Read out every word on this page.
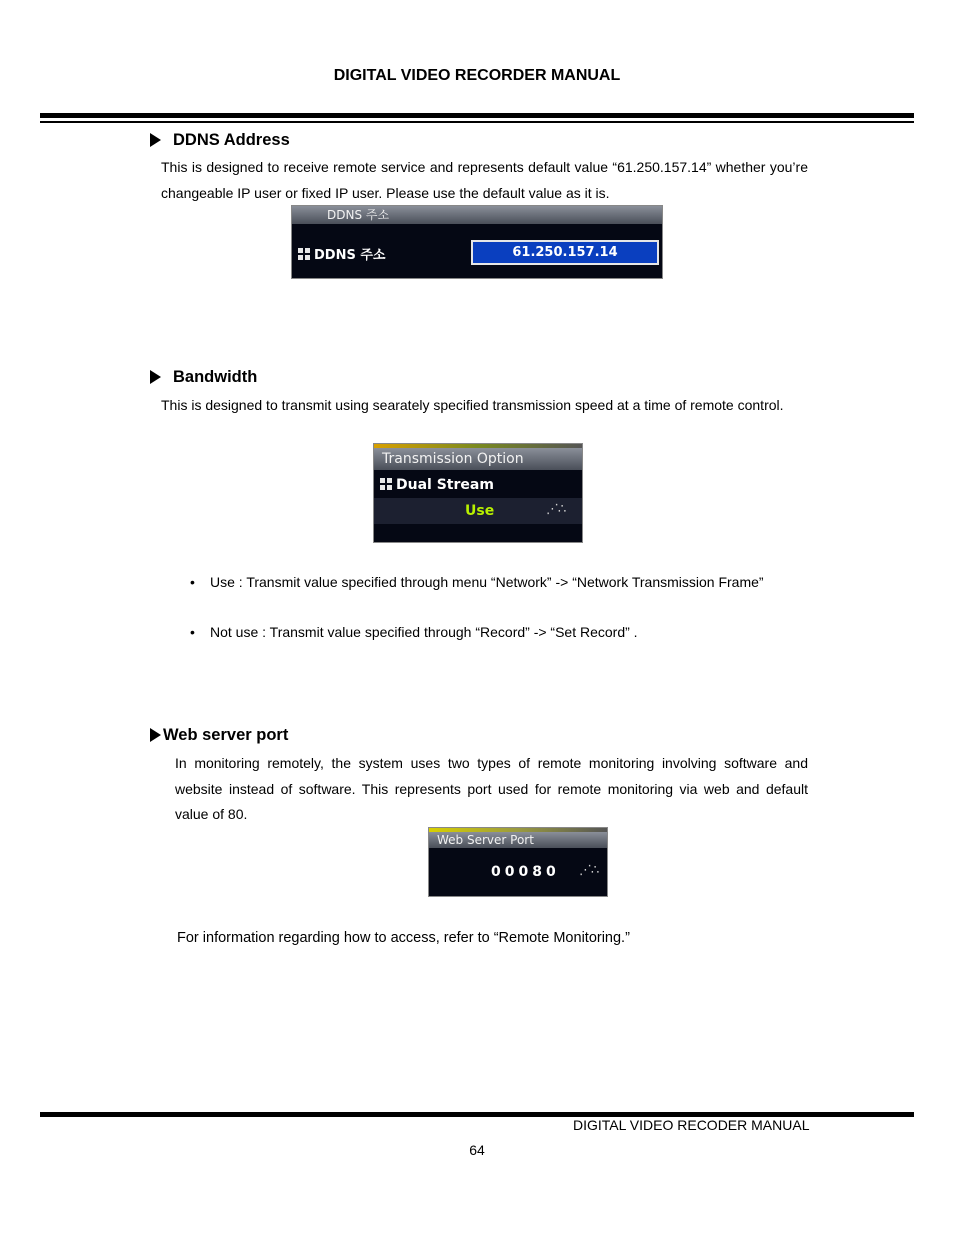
DIGITAL VIDEO RECORDER MANUAL
DDNS Address
This is designed to receive remote service and represents default value “61.250.157.14” whether you’re changeable IP user or fixed IP user. Please use the default value as it is.
DDNS 주소
DDNS 주소	61.250.157.14
Bandwidth
This is designed to transmit using searately specified transmission speed at a time of remote control.
Transmission Option
Dual Stream
Use	⋰∴
• Use : Transmit value specified through menu “Network” -> “Network Transmission Frame”
• Not use : Transmit value specified through “Record” -> “Set Record” .
Web server port
In monitoring remotely, the system uses two types of remote monitoring involving software and website instead of software. This represents port used for remote monitoring via web and default value of 80.
Web Server Port
00080 ⋰∴
For information regarding how to access, refer to “Remote Monitoring.”
DIGITAL VIDEO RECODER MANUAL
64
